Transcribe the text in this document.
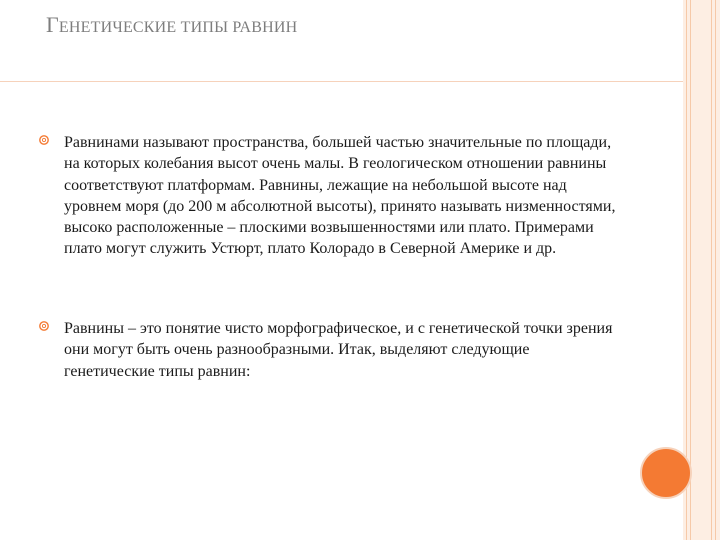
ГЕНЕТИЧЕСКИЕ ТИПЫ РАВНИН
Равнинами называют пространства, большей частью значительные по площади, на которых колебания высот очень малы. В геологическом отношении равнины соответствуют платформам. Равнины, лежащие на небольшой высоте над уровнем моря (до 200 м абсолютной высоты), принято называть низменностями, высоко расположенные – плоскими возвышенностями или плато. Примерами плато могут служить Устюрт, плато Колорадо в Северной Америке и др.
Равнины – это понятие чисто морфографическое, и с генетической точки зрения они могут быть очень разнообразными. Итак, выделяют следующие генетические типы равнин:
